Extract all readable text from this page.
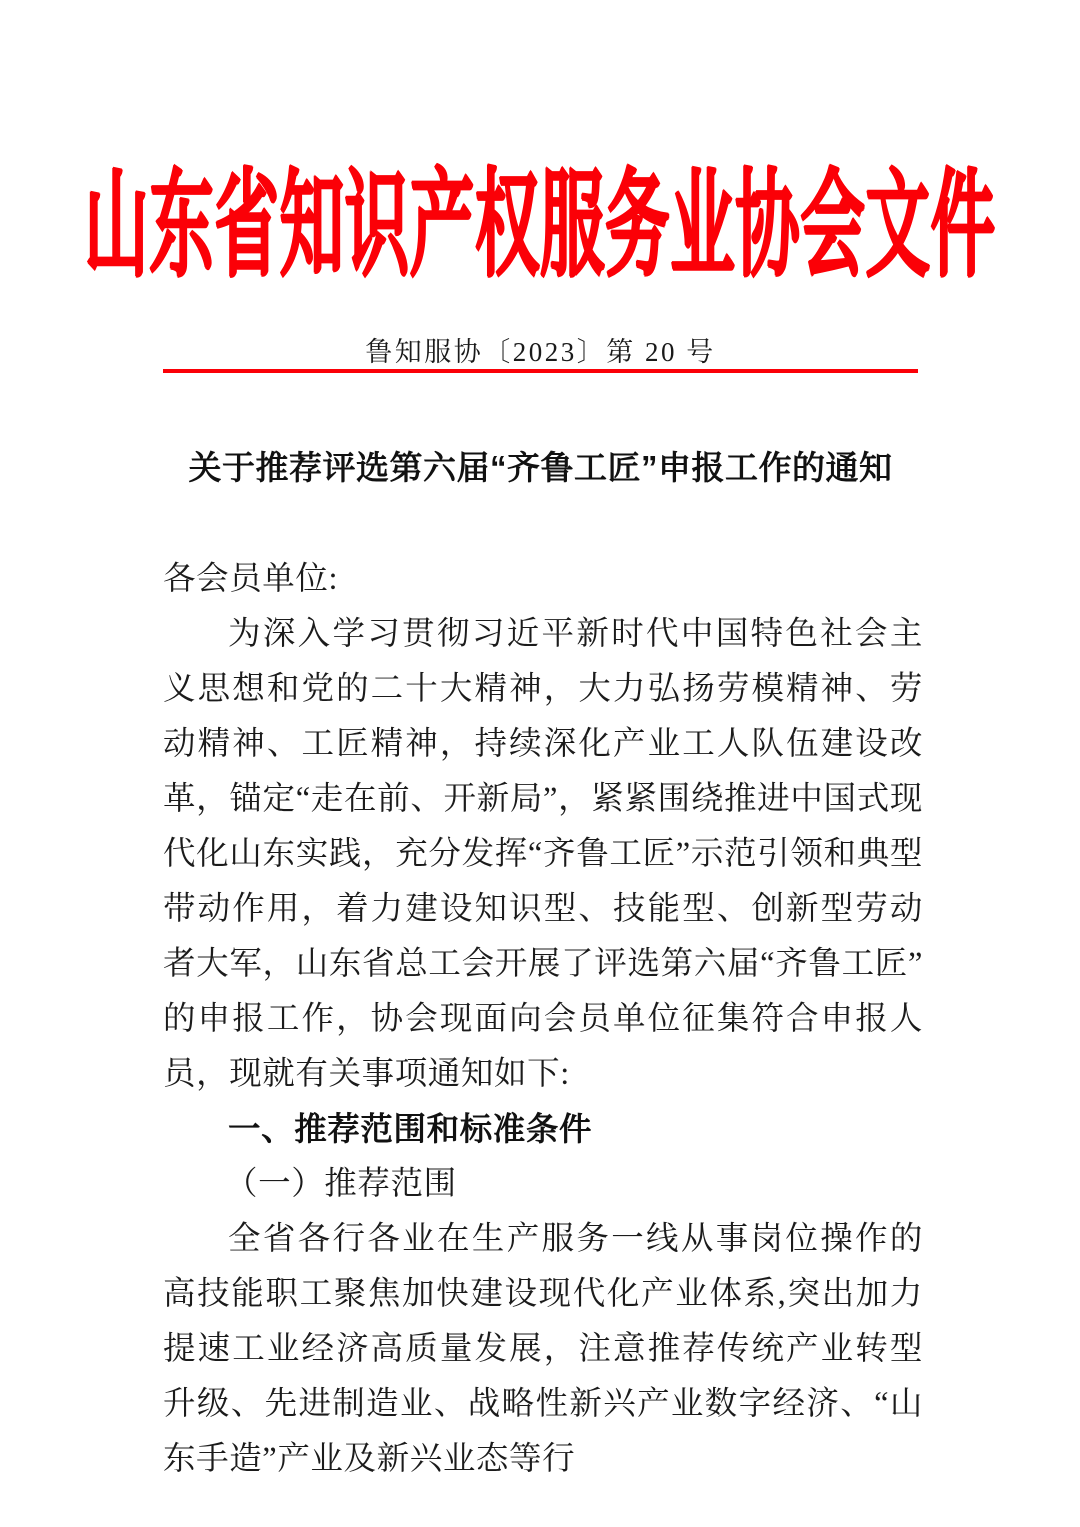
山东省知识产权服务业协会文件
鲁知服协〔2023〕第 20 号
关于推荐评选第六届“齐鲁工匠”申报工作的通知

各会员单位:

为深入学习贯彻习近平新时代中国特色社会主义思想和党的二十大精神，大力弘扬劳模精神、劳动精神、工匠精神，持续深化产业工人队伍建设改革，锚定“走在前、开新局”，紧紧围绕推进中国式现代化山东实践，充分发挥“齐鲁工匠”示范引领和典型带动作用，着力建设知识型、技能型、创新型劳动者大军，山东省总工会开展了评选第六届“齐鲁工匠”的申报工作，协会现面向会员单位征集符合申报人员，现就有关事项通知如下:

一、推荐范围和标准条件

（一）推荐范围

全省各行各业在生产服务一线从事岗位操作的高技能职工聚焦加快建设现代化产业体系,突出加力提速工业经济高质量发展，注意推荐传统产业转型升级、先进制造业、战略性新兴产业数字经济、“山东手造”产业及新兴业态等行
